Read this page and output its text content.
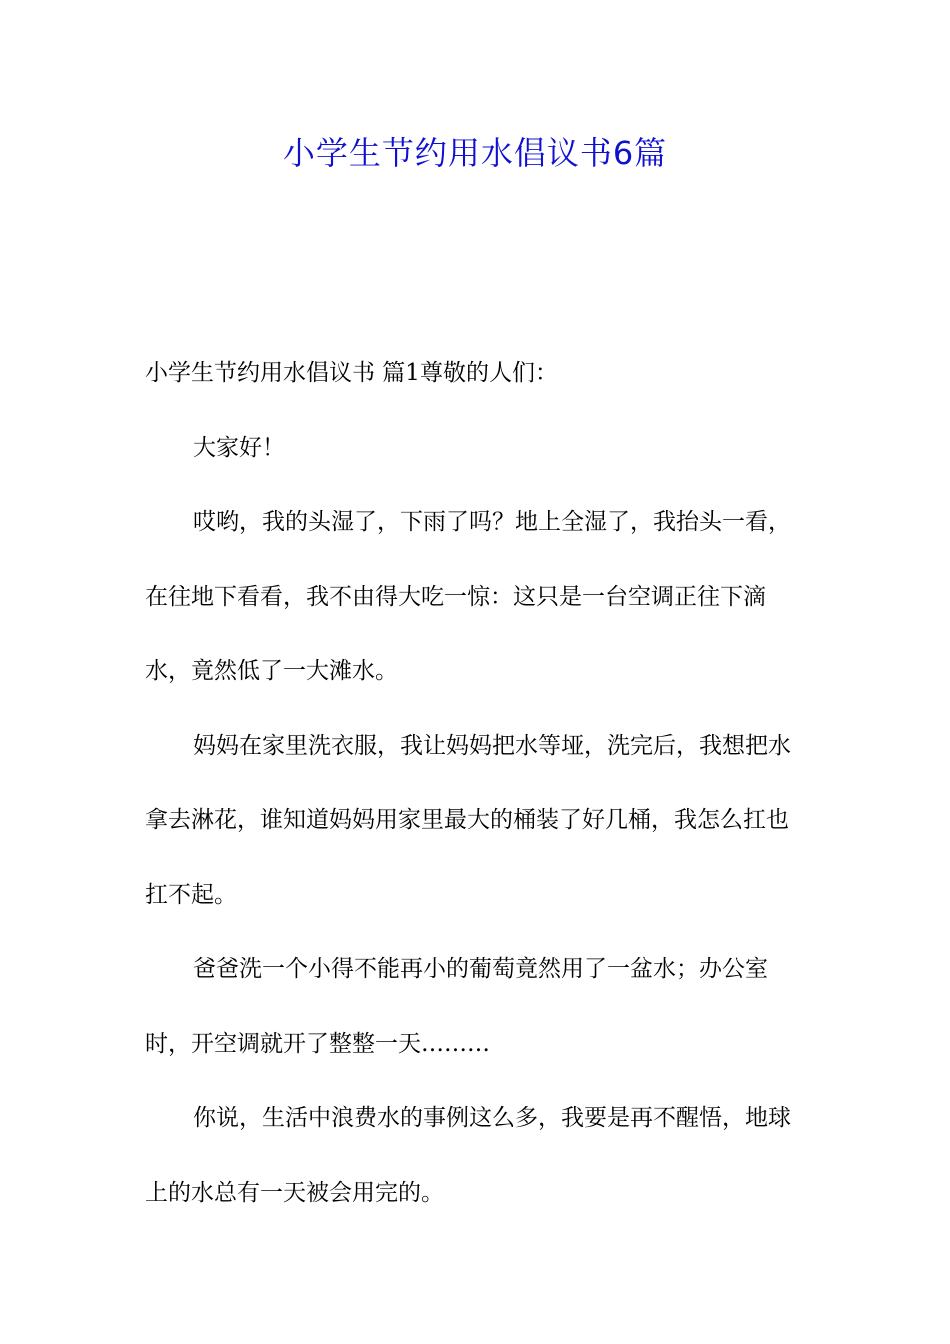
小学生节约用水倡议书6篇

小学生节约用水倡议书 篇1尊敬的人们：

大家好！

哎哟，我的头湿了，下雨了吗？地上全湿了，我抬头一看，在往地下看看，我不由得大吃一惊：这只是一台空调正往下滴水，竟然低了一大滩水。

妈妈在家里洗衣服，我让妈妈把水等垭，洗完后，我想把水拿去淋花，谁知道妈妈用家里最大的桶装了好几桶，我怎么扛也扛不起。

爸爸洗一个小得不能再小的葡萄竟然用了一盆水；办公室时，开空调就开了整整一天………

你说，生活中浪费水的事例这么多，我要是再不醒悟，地球上的水总有一天被会用完的。
